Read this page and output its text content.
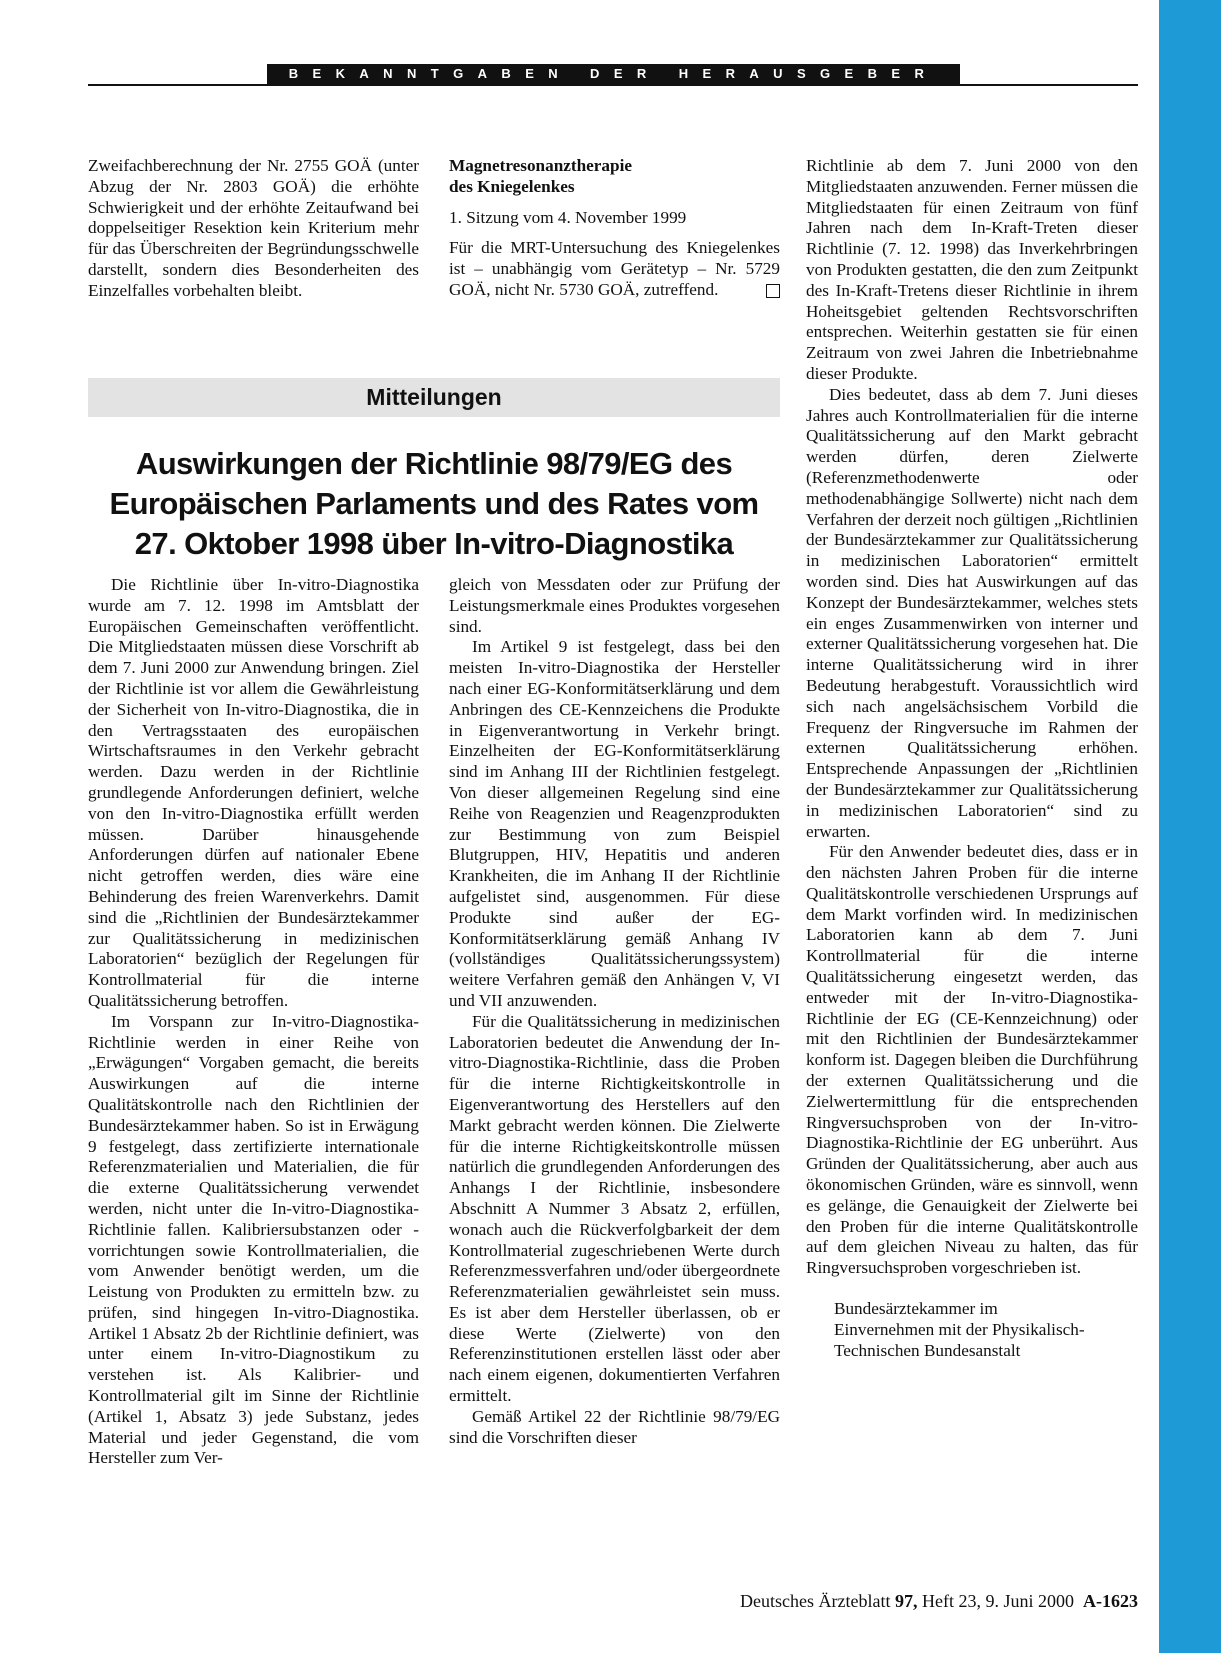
BEKANNTGABEN DER HERAUSGEBER

Zweifachberechnung der Nr. 2755 GOÄ (unter Abzug der Nr. 2803 GOÄ) die erhöhte Schwierigkeit und der erhöhte Zeitaufwand bei doppelseitiger Resektion kein Kriterium mehr für das Überschreiten der Begründungsschwelle darstellt, sondern dies Besonderheiten des Einzelfalles vorbehalten bleibt.

Magnetresonanztherapie

des Kniegelenkes

1. Sitzung vom 4. November 1999

Für die MRT-Untersuchung des Kniegelenkes ist – unabhängig vom Gerätetyp – Nr. 5729 GOÄ, nicht Nr. 5730 GOÄ, zutreffend.

Mitteilungen
Auswirkungen der Richtlinie 98/79/EG des
Europäischen Parlaments und des Rates vom
27. Oktober 1998 über In-vitro-Diagnostika

Die Richtlinie über In-vitro-Diagnostika wurde am 7. 12. 1998 im Amtsblatt der Europäischen Gemeinschaften veröffentlicht. Die Mitgliedstaaten müssen diese Vorschrift ab dem 7. Juni 2000 zur Anwendung bringen. Ziel der Richtlinie ist vor allem die Gewährleistung der Sicherheit von In-vitro-Diagnostika, die in den Vertragsstaaten des europäischen Wirtschaftsraumes in den Verkehr gebracht werden. Dazu werden in der Richtlinie grundlegende Anforderungen definiert, welche von den In-vitro-Diagnostika erfüllt werden müssen. Darüber hinausgehende Anforderungen dürfen auf nationaler Ebene nicht getroffen werden, dies wäre eine Behinderung des freien Warenverkehrs. Damit sind die „Richtlinien der Bundesärztekammer zur Qualitätssicherung in medizinischen Laboratorien“ bezüglich der Regelungen für Kontrollmaterial für die interne Qualitätssicherung betroffen.

Im Vorspann zur In-vitro-Diagnostika-Richtlinie werden in einer Reihe von „Erwägungen“ Vorgaben gemacht, die bereits Auswirkungen auf die interne Qualitätskontrolle nach den Richtlinien der Bundesärztekammer haben. So ist in Erwägung 9 festgelegt, dass zertifizierte internationale Referenzmaterialien und Materialien, die für die externe Qualitätssicherung verwendet werden, nicht unter die In-vitro-Diagnostika-Richtlinie fallen. Kalibriersubstanzen oder -vorrichtungen sowie Kontrollmaterialien, die vom Anwender benötigt werden, um die Leistung von Produkten zu ermitteln bzw. zu prüfen, sind hingegen In-vitro-Diagnostika. Artikel 1 Absatz 2b der Richtlinie definiert, was unter einem In-vitro-Diagnostikum zu verstehen ist. Als Kalibrier- und Kontrollmaterial gilt im Sinne der Richtlinie (Artikel 1, Absatz 3) jede Substanz, jedes Material und jeder Gegenstand, die vom Hersteller zum Ver-

gleich von Messdaten oder zur Prüfung der Leistungsmerkmale eines Produktes vorgesehen sind.

Im Artikel 9 ist festgelegt, dass bei den meisten In-vitro-Diagnostika der Hersteller nach einer EG-Konformitätserklärung und dem Anbringen des CE-Kennzeichens die Produkte in Eigenverantwortung in Verkehr bringt. Einzelheiten der EG-Konformitätserklärung sind im Anhang III der Richtlinien festgelegt. Von dieser allgemeinen Regelung sind eine Reihe von Reagenzien und Reagenzprodukten zur Bestimmung von zum Beispiel Blutgruppen, HIV, Hepatitis und anderen Krankheiten, die im Anhang II der Richtlinie aufgelistet sind, ausgenommen. Für diese Produkte sind außer der EG-Konformitätserklärung gemäß Anhang IV (vollständiges Qualitätssicherungssystem) weitere Verfahren gemäß den Anhängen V, VI und VII anzuwenden.

Für die Qualitätssicherung in medizinischen Laboratorien bedeutet die Anwendung der In-vitro-Diagnostika-Richtlinie, dass die Proben für die interne Richtigkeitskontrolle in Eigenverantwortung des Herstellers auf den Markt gebracht werden können. Die Zielwerte für die interne Richtigkeitskontrolle müssen natürlich die grundlegenden Anforderungen des Anhangs I der Richtlinie, insbesondere Abschnitt A Nummer 3 Absatz 2, erfüllen, wonach auch die Rückverfolgbarkeit der dem Kontrollmaterial zugeschriebenen Werte durch Referenzmessverfahren und/oder übergeordnete Referenzmaterialien gewährleistet sein muss. Es ist aber dem Hersteller überlassen, ob er diese Werte (Zielwerte) von den Referenzinstitutionen erstellen lässt oder aber nach einem eigenen, dokumentierten Verfahren ermittelt.

Gemäß Artikel 22 der Richtlinie 98/79/EG sind die Vorschriften dieser

Richtlinie ab dem 7. Juni 2000 von den Mitgliedstaaten anzuwenden. Ferner müssen die Mitgliedstaaten für einen Zeitraum von fünf Jahren nach dem In-Kraft-Treten dieser Richtlinie (7. 12. 1998) das Inverkehrbringen von Produkten gestatten, die den zum Zeitpunkt des In-Kraft-Tretens dieser Richtlinie in ihrem Hoheitsgebiet geltenden Rechtsvorschriften entsprechen. Weiterhin gestatten sie für einen Zeitraum von zwei Jahren die Inbetriebnahme dieser Produkte.

Dies bedeutet, dass ab dem 7. Juni dieses Jahres auch Kontrollmaterialien für die interne Qualitätssicherung auf den Markt gebracht werden dürfen, deren Zielwerte (Referenzmethodenwerte oder methodenabhängige Sollwerte) nicht nach dem Verfahren der derzeit noch gültigen „Richtlinien der Bundesärztekammer zur Qualitätssicherung in medizinischen Laboratorien“ ermittelt worden sind. Dies hat Auswirkungen auf das Konzept der Bundesärztekammer, welches stets ein enges Zusammenwirken von interner und externer Qualitätssicherung vorgesehen hat. Die interne Qualitätssicherung wird in ihrer Bedeutung herabgestuft. Voraussichtlich wird sich nach angelsächsischem Vorbild die Frequenz der Ringversuche im Rahmen der externen Qualitätssicherung erhöhen. Entsprechende Anpassungen der „Richtlinien der Bundesärztekammer zur Qualitätssicherung in medizinischen Laboratorien“ sind zu erwarten.

Für den Anwender bedeutet dies, dass er in den nächsten Jahren Proben für die interne Qualitätskontrolle verschiedenen Ursprungs auf dem Markt vorfinden wird. In medizinischen Laboratorien kann ab dem 7. Juni Kontrollmaterial für die interne Qualitätssicherung eingesetzt werden, das entweder mit der In-vitro-Diagnostika-Richtlinie der EG (CE-Kennzeichnung) oder mit den Richtlinien der Bundesärztekammer konform ist. Dagegen bleiben die Durchführung der externen Qualitätssicherung und die Zielwertermittlung für die entsprechenden Ringversuchsproben von der In-vitro-Diagnostika-Richtlinie der EG unberührt. Aus Gründen der Qualitätssicherung, aber auch aus ökonomischen Gründen, wäre es sinnvoll, wenn es gelänge, die Genauigkeit der Zielwerte bei den Proben für die interne Qualitätskontrolle auf dem gleichen Niveau zu halten, das für Ringversuchsproben vorgeschrieben ist.

Bundesärztekammer im

Einvernehmen mit der Physikalisch-

Technischen Bundesanstalt

Deutsches Ärzteblatt 97, Heft 23, 9. Juni 2000 A-1623
